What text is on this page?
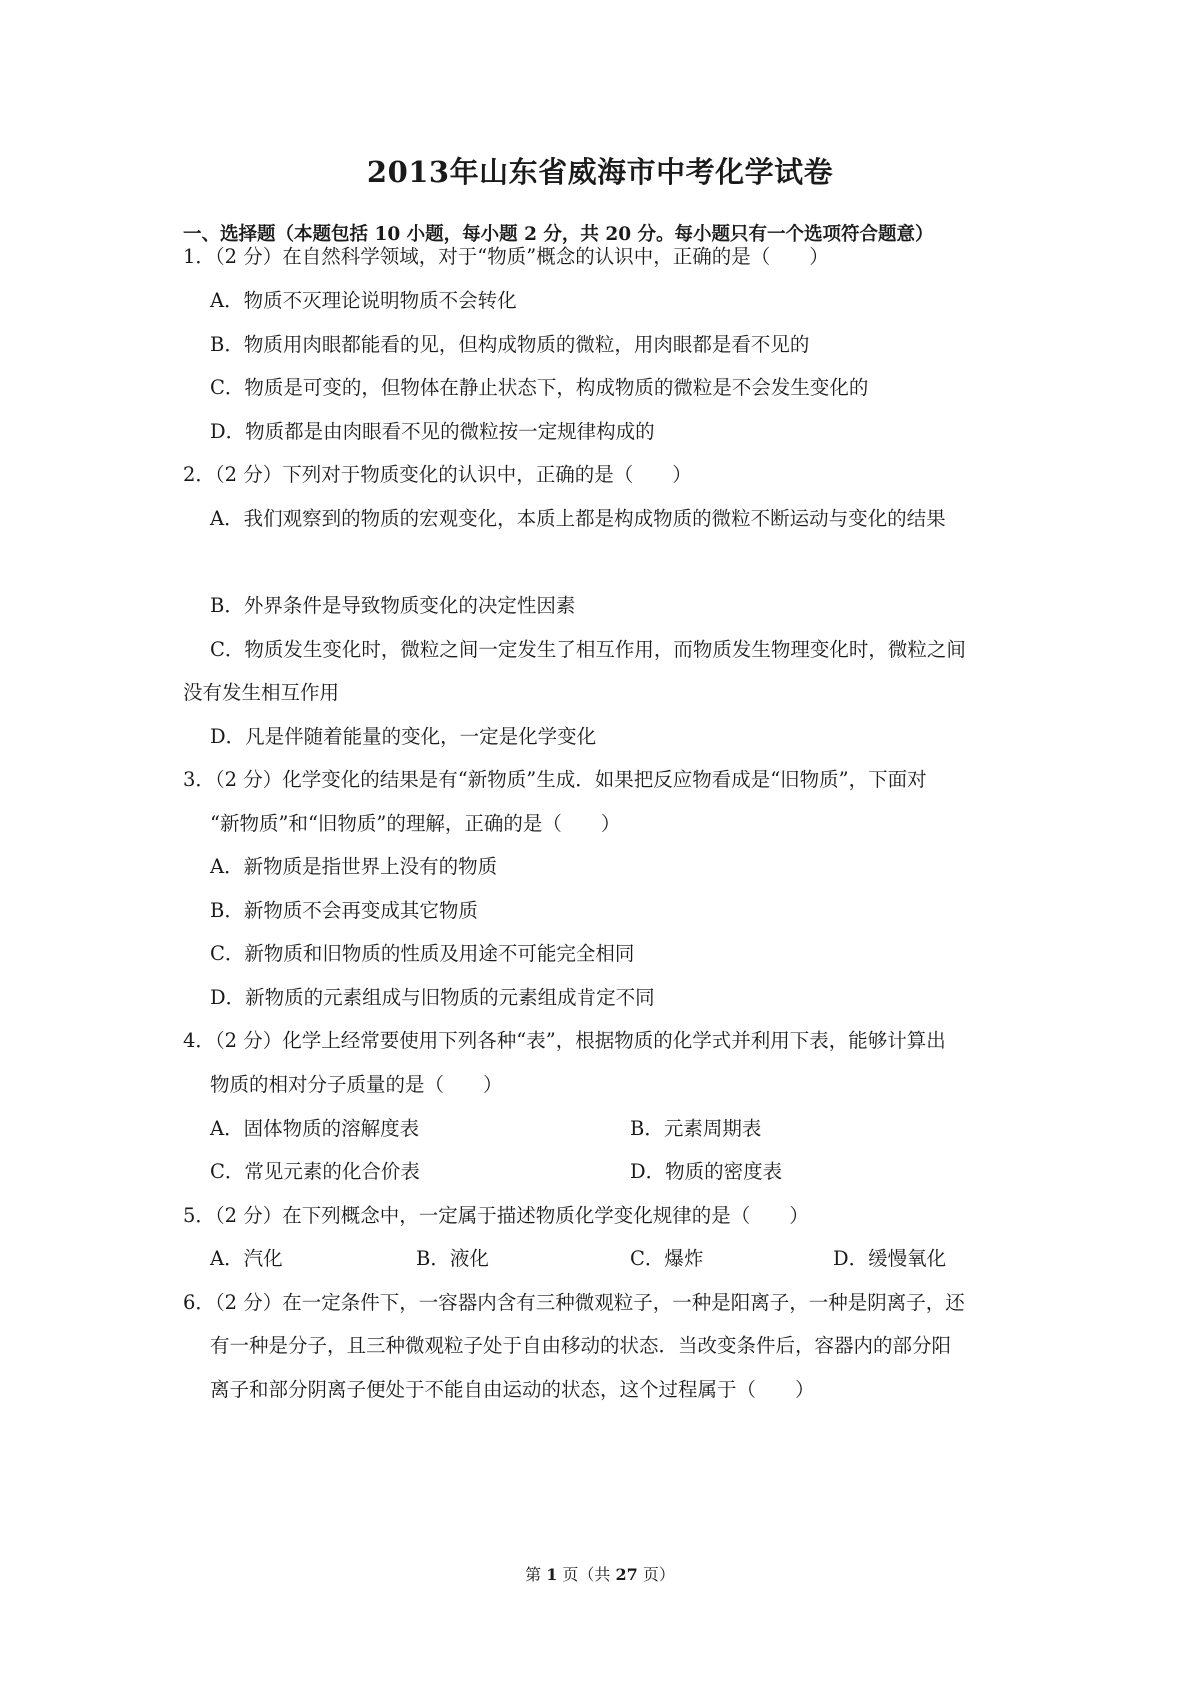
2013年山东省威海市中考化学试卷
一、选择题（本题包括 10 小题，每小题 2 分，共 20 分。每小题只有一个选项符合题意）
1．（2 分）在自然科学领域，对于“物质”概念的认识中，正确的是（　　）
A．物质不灭理论说明物质不会转化
B．物质用肉眼都能看的见，但构成物质的微粒，用肉眼都是看不见的
C．物质是可变的，但物体在静止状态下，构成物质的微粒是不会发生变化的
D．物质都是由肉眼看不见的微粒按一定规律构成的
2．（2 分）下列对于物质变化的认识中，正确的是（　　）
A．我们观察到的物质的宏观变化，本质上都是构成物质的微粒不断运动与变化的结果
B．外界条件是导致物质变化的决定性因素
C．物质发生变化时，微粒之间一定发生了相互作用，而物质发生物理变化时，微粒之间
没有发生相互作用
D．凡是伴随着能量的变化，一定是化学变化
3．（2 分）化学变化的结果是有“新物质”生成．如果把反应物看成是“旧物质”，下面对
“新物质”和“旧物质”的理解，正确的是（　　）
A．新物质是指世界上没有的物质
B．新物质不会再变成其它物质
C．新物质和旧物质的性质及用途不可能完全相同
D．新物质的元素组成与旧物质的元素组成肯定不同
4．（2 分）化学上经常要使用下列各种“表”，根据物质的化学式并利用下表，能够计算出
物质的相对分子质量的是（　　）
A．固体物质的溶解度表	B．元素周期表
C．常见元素的化合价表	D．物质的密度表
5．（2 分）在下列概念中，一定属于描述物质化学变化规律的是（　　）
A．汽化	B．液化	C．爆炸	D．缓慢氧化
6．（2 分）在一定条件下，一容器内含有三种微观粒子，一种是阳离子，一种是阴离子，还
有一种是分子，且三种微观粒子处于自由移动的状态．当改变条件后，容器内的部分阳
离子和部分阴离子便处于不能自由运动的状态，这个过程属于（　　）
第 1 页（共 27 页）
